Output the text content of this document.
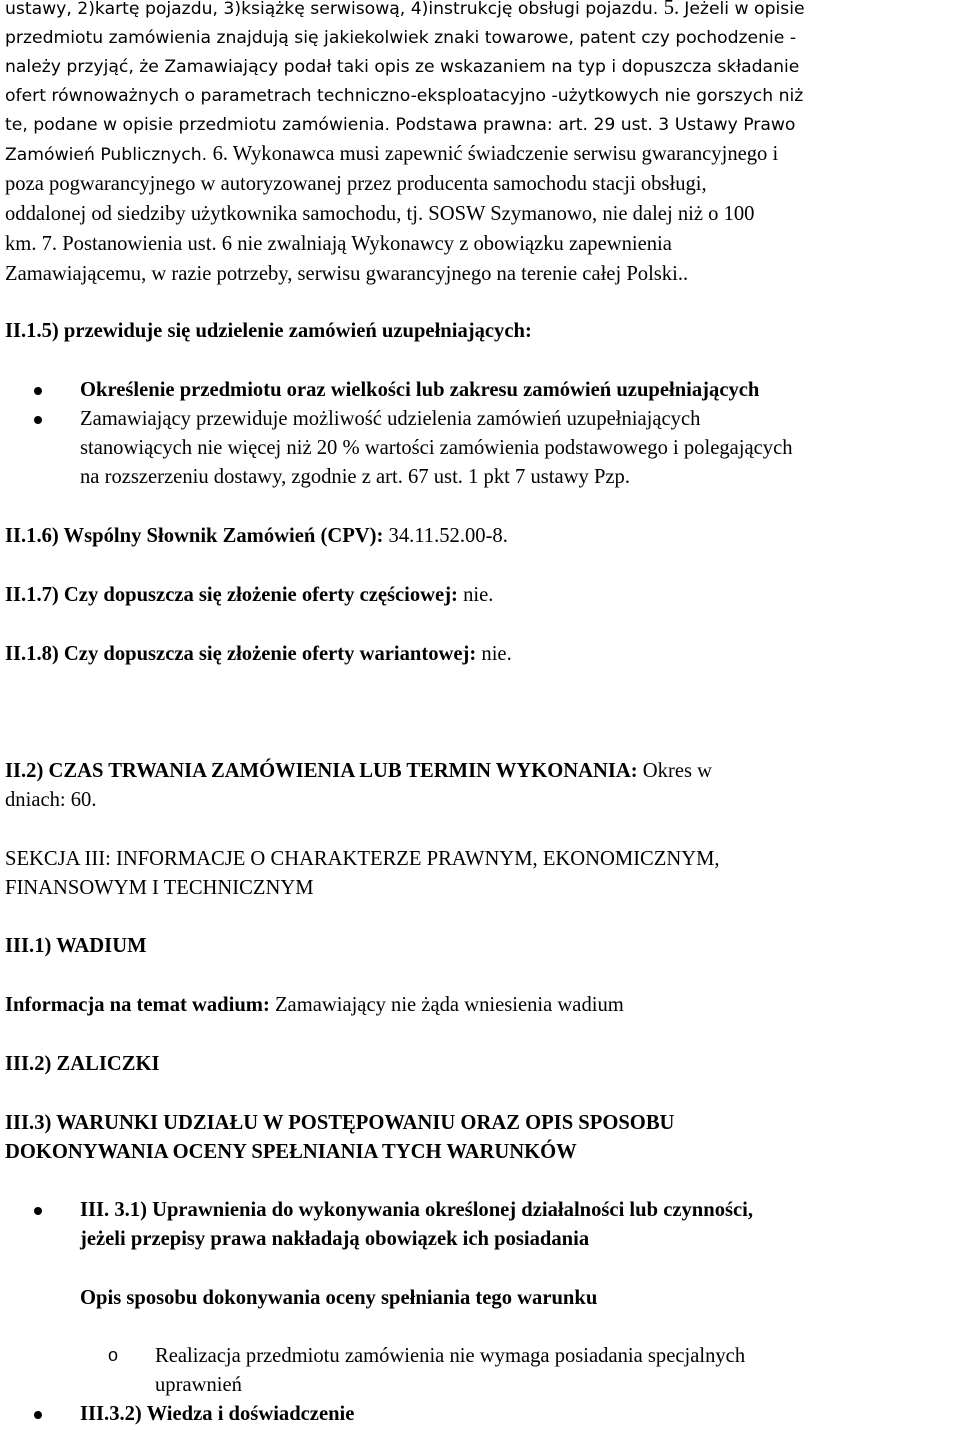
ustawy, 2)kartę pojazdu, 3)książkę serwisową, 4)instrukcję obsługi pojazdu. 5. Jeżeli w opisie
przedmiotu zamówienia znajdują się jakiekolwiek znaki towarowe, patent czy pochodzenie -
należy przyjąć, że Zamawiający podał taki opis ze wskazaniem na typ i dopuszcza składanie
ofert równoważnych o parametrach techniczno-eksploatacyjno -użytkowych nie gorszych niż
te, podane w opisie przedmiotu zamówienia. Podstawa prawna: art. 29 ust. 3 Ustawy Prawo
Zamówień Publicznych. 6. Wykonawca musi zapewnić świadczenie serwisu gwarancyjnego i
poza pogwarancyjnego w autoryzowanej przez producenta samochodu stacji obsługi,
oddalonej od siedziby użytkownika samochodu, tj. SOSW Szymanowo, nie dalej niż o 100
km. 7. Postanowienia ust. 6 nie zwalniają Wykonawcy z obowiązku zapewnienia
Zamawiającemu, w razie potrzeby, serwisu gwarancyjnego na terenie całej Polski..

II.1.5) przewiduje się udzielenie zamówień uzupełniających:

Określenie przedmiotu oraz wielkości lub zakresu zamówień uzupełniających
Zamawiający przewiduje możliwość udzielenia zamówień uzupełniających
stanowiących nie więcej niż 20 % wartości zamówienia podstawowego i polegających
na rozszerzeniu dostawy, zgodnie z art. 67 ust. 1 pkt 7 ustawy Pzp.

II.1.6) Wspólny Słownik Zamówień (CPV): 34.11.52.00-8.

II.1.7) Czy dopuszcza się złożenie oferty częściowej: nie.

II.1.8) Czy dopuszcza się złożenie oferty wariantowej: nie.

II.2) CZAS TRWANIA ZAMÓWIENIA LUB TERMIN WYKONANIA: Okres w
dniach: 60.
SEKCJA III: INFORMACJE O CHARAKTERZE PRAWNYM, EKONOMICZNYM,
FINANSOWYM I TECHNICZNYM

III.1) WADIUM

Informacja na temat wadium: Zamawiający nie żąda wniesienia wadium

III.2) ZALICZKI

III.3) WARUNKI UDZIAŁU W POSTĘPOWANIU ORAZ OPIS SPOSOBU
DOKONYWANIA OCENY SPEŁNIANIA TYCH WARUNKÓW
III. 3.1) Uprawnienia do wykonywania określonej działalności lub czynności,
jeżeli przepisy prawa nakładają obowiązek ich posiadania
Opis sposobu dokonywania oceny spełniania tego warunku
o Realizacja przedmiotu zamówienia nie wymaga posiadania specjalnych
uprawnień
III.3.2) Wiedza i doświadczenie
